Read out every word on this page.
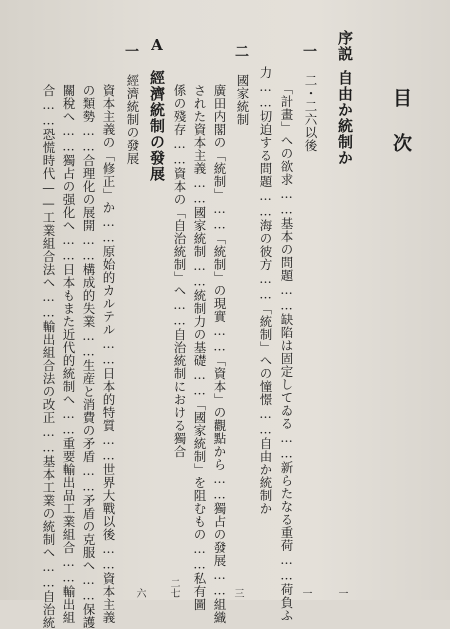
目次
序説
自由か統制か
一
二・二六以後
「計畫」への欲求……基本の問題……缺陷は固定してゐる……新らたなる重荷……荷負ふ
力……切迫する問題……海の彼方……「統制」への憧憬……自由か統制か
二
國家統制
廣田内閣の「統制」……「統制」の現實……「資本」の觀點から……獨占の發展……組織
された資本主義……國家統制……統制力の基礎……「國家統制」を阻むもの……私有圖
係の殘存……資本の「自治統制」へ……自治統制における獨合
A
經濟統制の發展
一
經濟統制の發展
資本主義の「修正」か……原始的カルテル……日本的特質……世界大戰以後……資本主義
の類勢……合理化の展開……構成的失業……生産と消費の矛盾……矛盾の克服へ……保護
關稅へ……獨占の强化へ……日本もまた近代的統制へ……重要輸出品工業組合……輸出組
合……恐慌時代——工業組合法へ……輸出組合法の改正……基本工業の統制へ……自治統	一
一
三
二七
六
